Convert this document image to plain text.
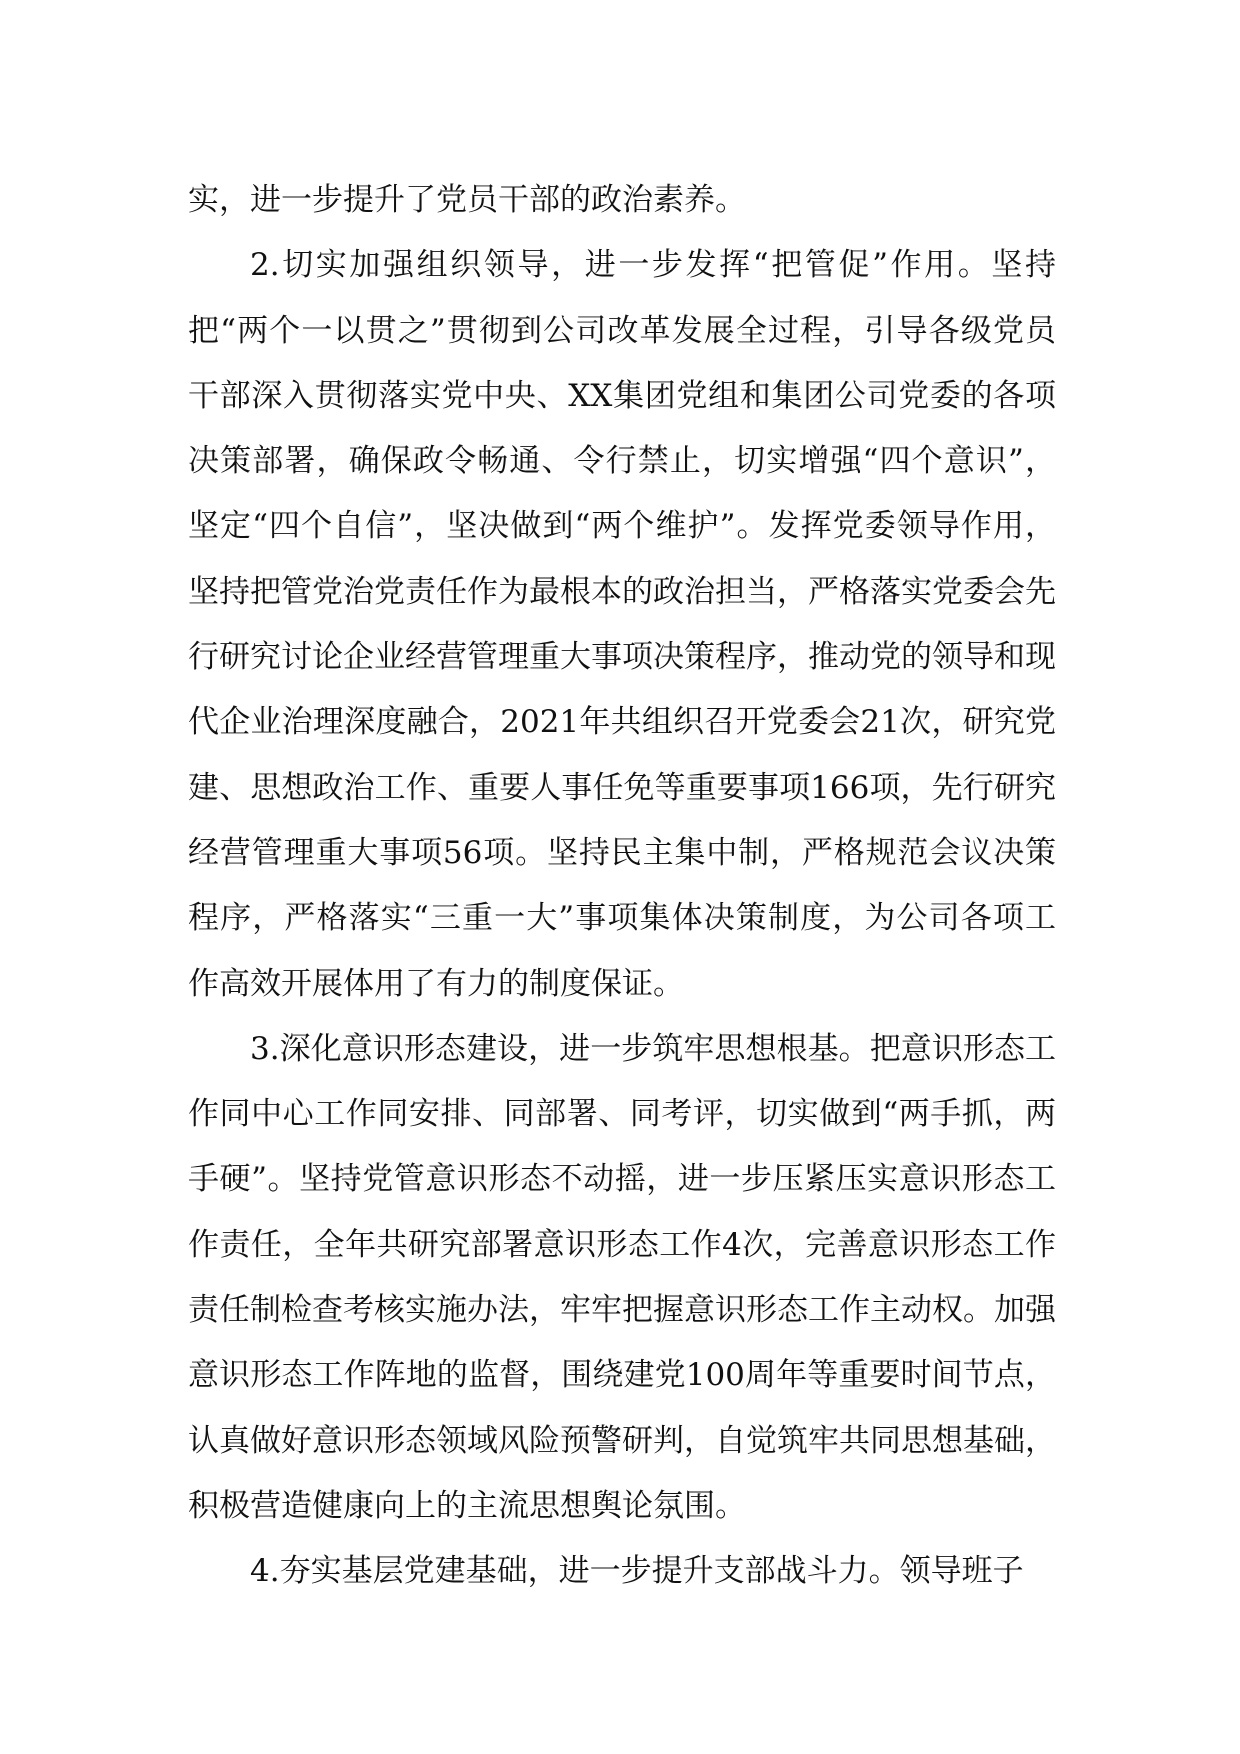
实，进一步提升了党员干部的政治素养。

2.切实加强组织领导，进一步发挥“把管促”作用。坚持把“两个一以贯之”贯彻到公司改革发展全过程，引导各级党员干部深入贯彻落实党中央、XX集团党组和集团公司党委的各项决策部署，确保政令畅通、令行禁止，切实增强“四个意识”，坚定“四个自信”，坚决做到“两个维护”。发挥党委领导作用，坚持把管党治党责任作为最根本的政治担当，严格落实党委会先行研究讨论企业经营管理重大事项决策程序，推动党的领导和现代企业治理深度融合，2021年共组织召开党委会21次，研究党建、思想政治工作、重要人事任免等重要事项166项，先行研究经营管理重大事项56项。坚持民主集中制，严格规范会议决策程序，严格落实“三重一大”事项集体决策制度，为公司各项工作高效开展体用了有力的制度保证。

3.深化意识形态建设，进一步筑牢思想根基。把意识形态工作同中心工作同安排、同部署、同考评，切实做到“两手抓，两手硬”。坚持党管意识形态不动摇，进一步压紧压实意识形态工作责任，全年共研究部署意识形态工作4次，完善意识形态工作责任制检查考核实施办法，牢牢把握意识形态工作主动权。加强意识形态工作阵地的监督，围绕建党100周年等重要时间节点，认真做好意识形态领域风险预警研判，自觉筑牢共同思想基础，积极营造健康向上的主流思想舆论氛围。

4.夯实基层党建基础，进一步提升支部战斗力。领导班子
